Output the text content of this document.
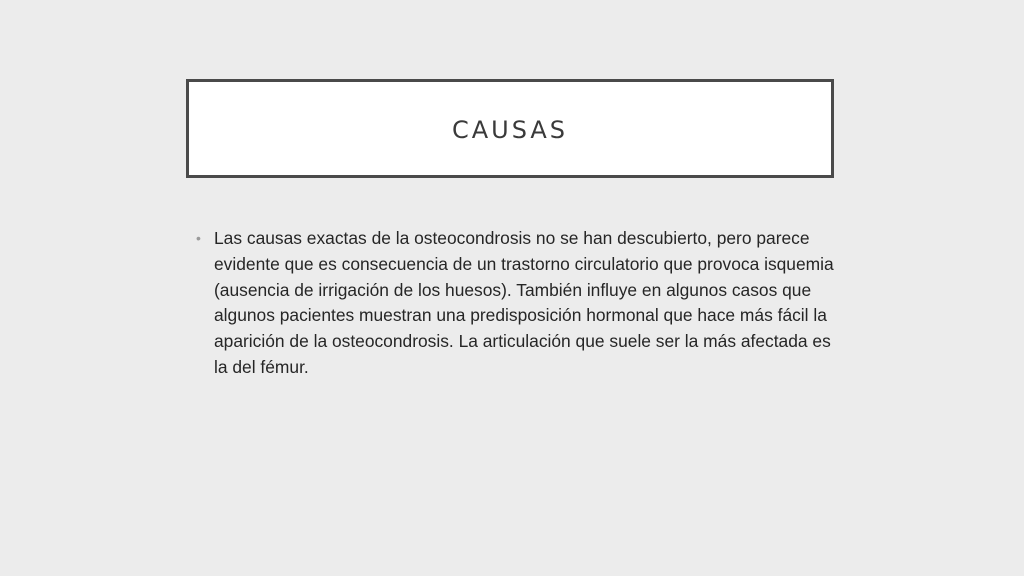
CAUSAS
• Las causas exactas de la osteocondrosis no se han descubierto, pero parece evidente que es consecuencia de un trastorno circulatorio que provoca isquemia (ausencia de irrigación de los huesos). También influye en algunos casos que algunos pacientes muestran una predisposición hormonal que hace más fácil la aparición de la osteocondrosis. La articulación que suele ser la más afectada es la del fémur.
